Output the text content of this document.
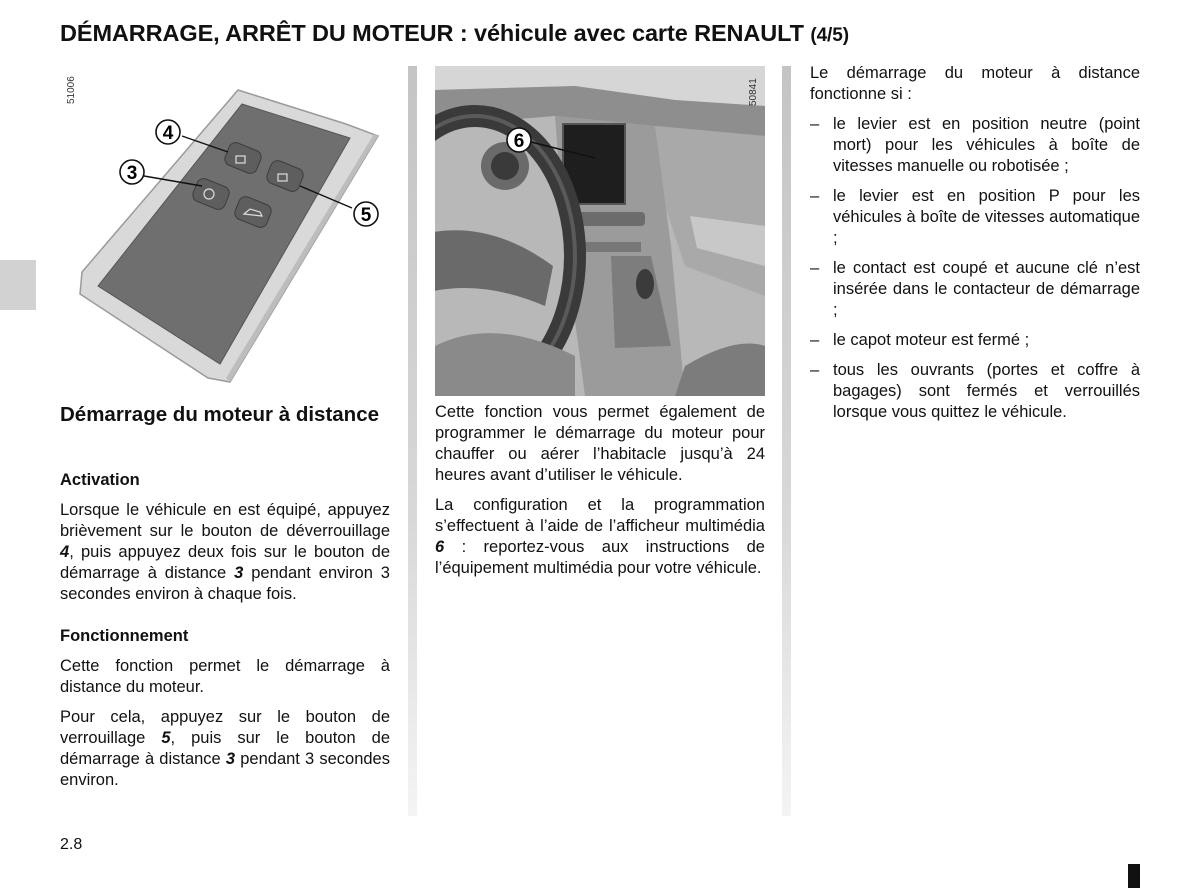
DÉMARRAGE, ARRÊT DU MOTEUR : véhicule avec carte RENAULT (4/5)
51006
4
3
5
6
50841
Démarrage du moteur à distance
Activation

Lorsque le véhicule en est équipé, appuyez brièvement sur le bouton de déverrouillage 4, puis appuyez deux fois sur le bouton de démarrage à distance 3 pendant environ 3 secondes environ à chaque fois.

Fonctionnement

Cette fonction permet le démarrage à distance du moteur.

Pour cela, appuyez sur le bouton de verrouillage 5, puis sur le bouton de démarrage à distance 3 pendant 3 secondes environ.

Cette fonction vous permet également de programmer le démarrage du moteur pour chauffer ou aérer l’habitacle jusqu’à 24 heures avant d’utiliser le véhicule.

La configuration et la programmation s’effectuent à l’aide de l’afficheur multimédia 6 : reportez-vous aux instructions de l’équipement multimédia pour votre véhicule.

Le démarrage du moteur à distance fonctionne si :

– le levier est en position neutre (point mort) pour les véhicules à boîte de vitesses manuelle ou robotisée ;
– le levier est en position P pour les véhicules à boîte de vitesses automatique ;
– le contact est coupé et aucune clé n’est insérée dans le contacteur de démarrage ;
– le capot moteur est fermé ;
– tous les ouvrants (portes et coffre à bagages) sont fermés et verrouillés lorsque vous quittez le véhicule.
2.8
